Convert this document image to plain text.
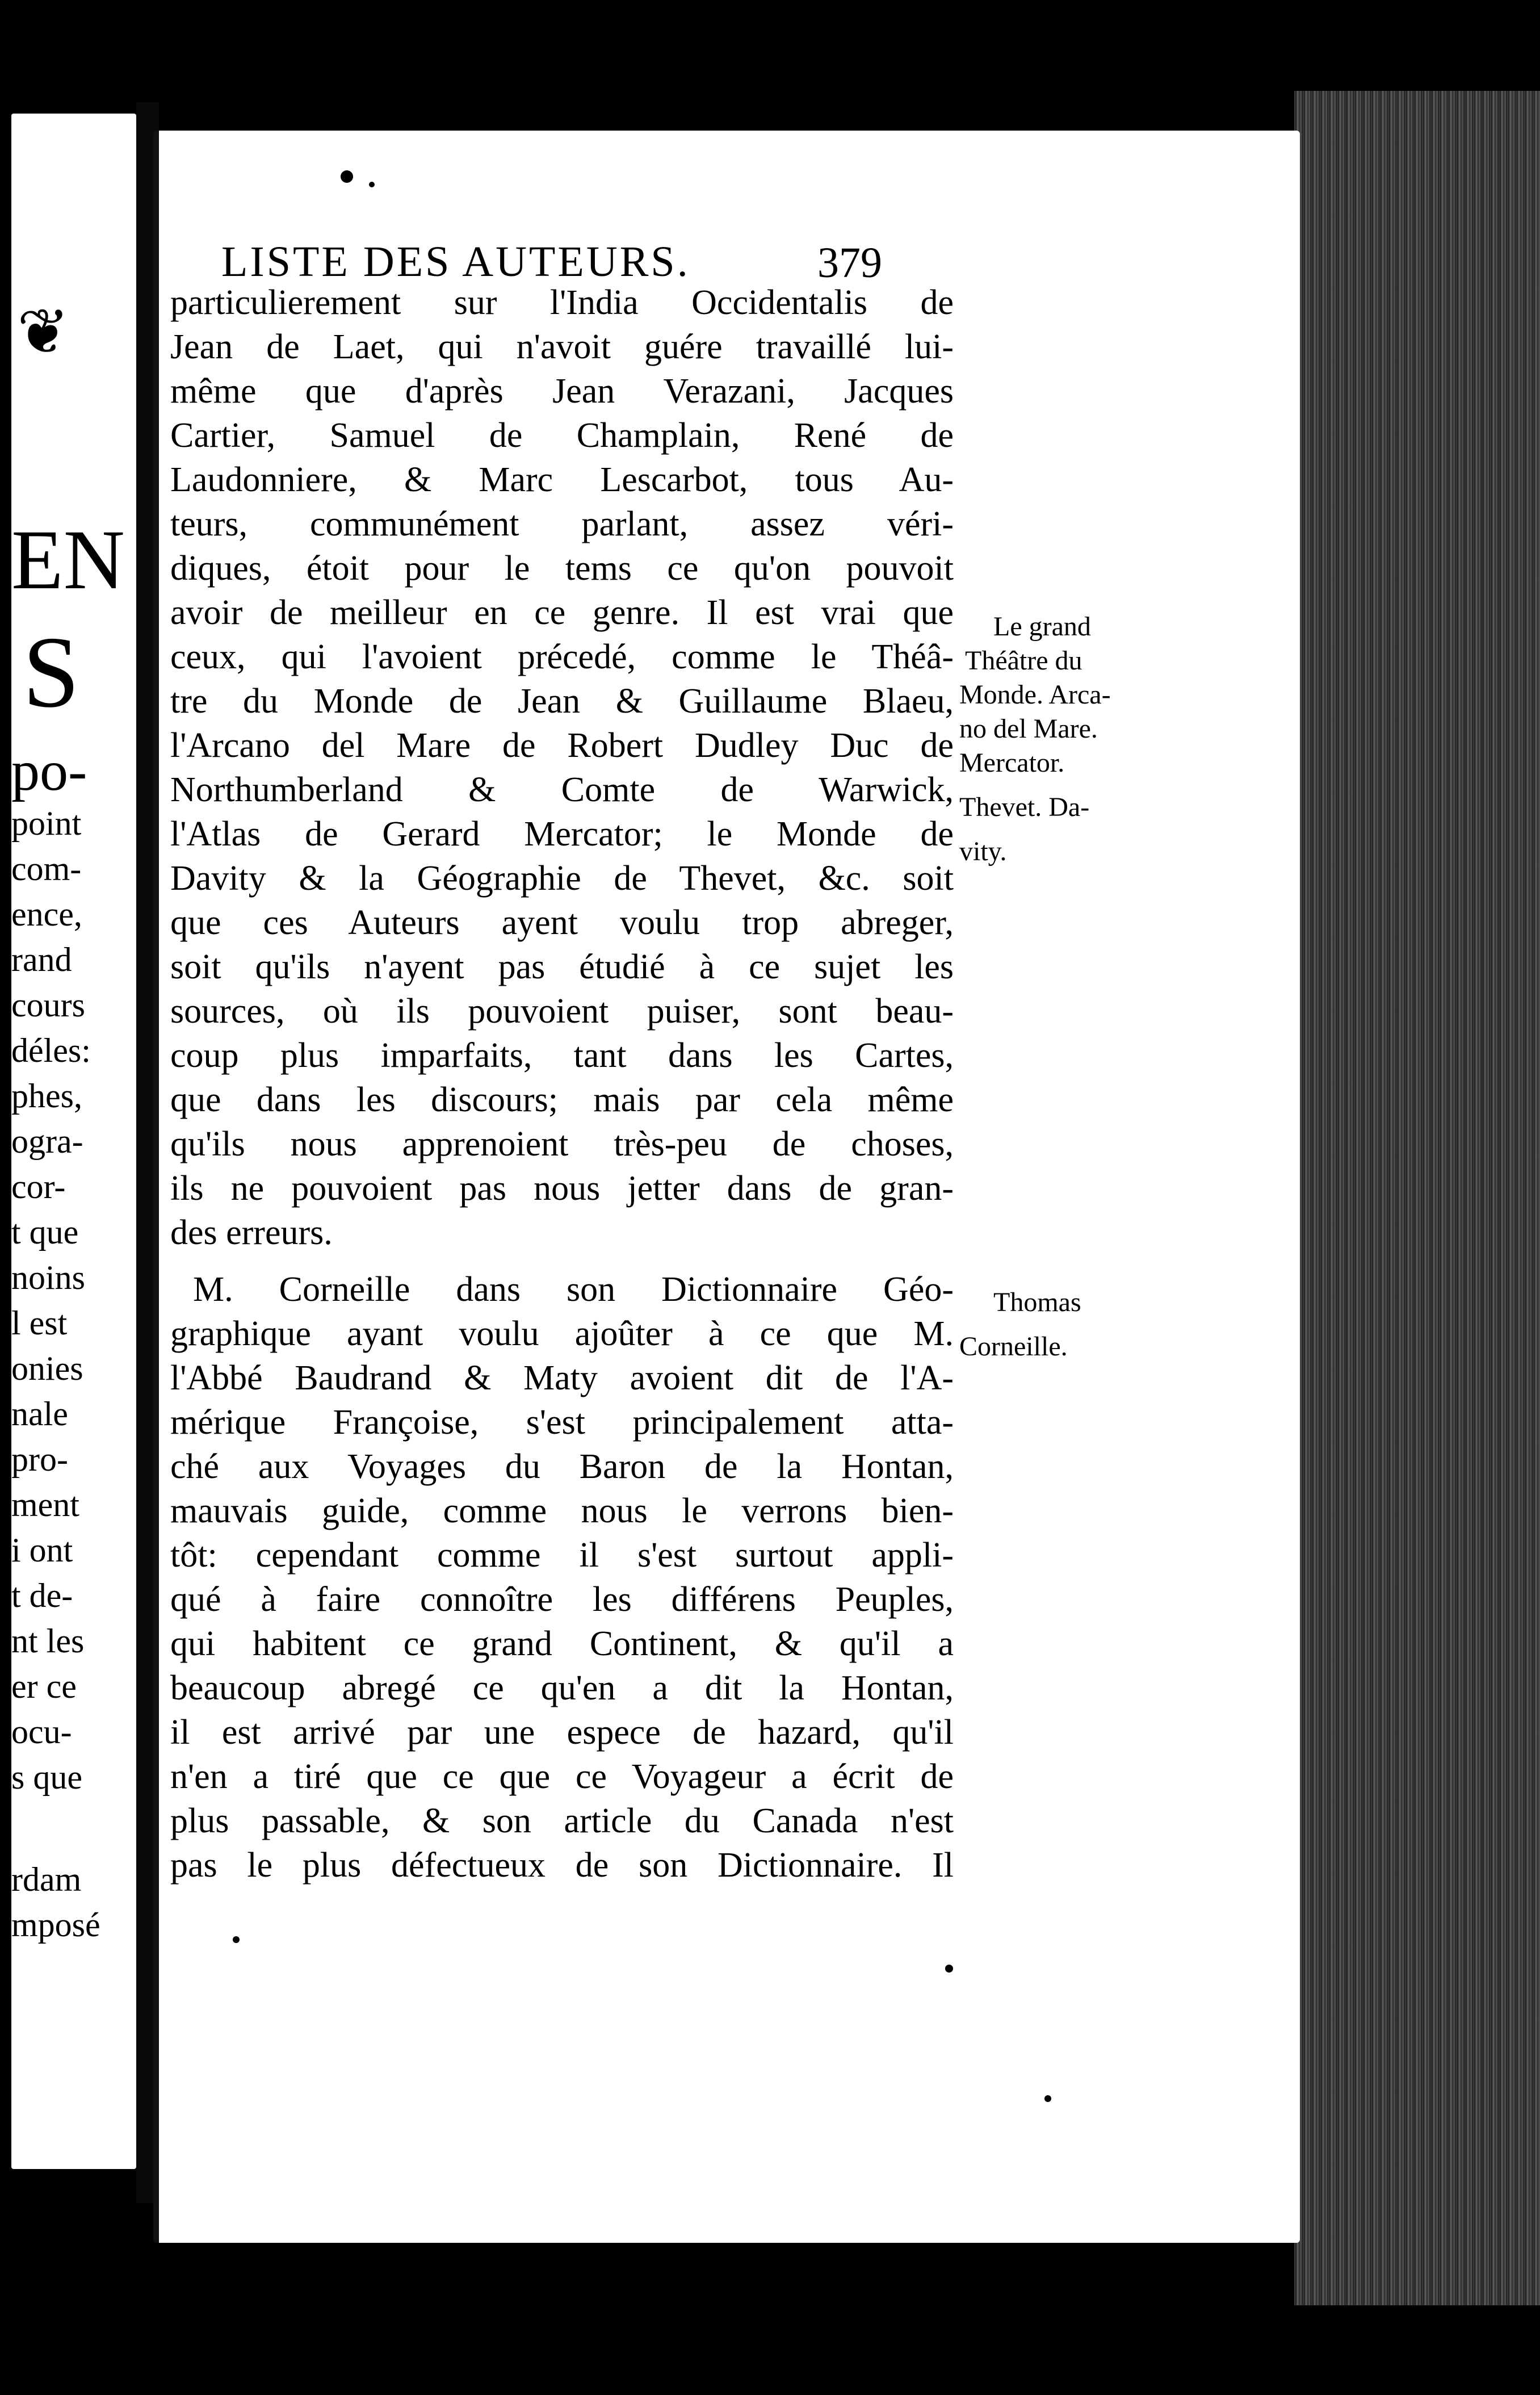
❦
EN
S
po-
point
com-
ence,
rand
cours
déles:
phes,
ogra-
cor-
t que
noins
l est
onies
nale
pro-
ment
i ont
t de-
nt les
er ce
ocu-
s que
rdam
mposé
LISTE DES AUTEURS.	379
particulierement sur l'India Occidentalis de
Jean de Laet, qui n'avoit guére travaillé lui-
même que d'après Jean Verazani, Jacques
Cartier, Samuel de Champlain, René de
Laudonniere, & Marc Lescarbot, tous Au-
teurs, communément parlant, assez véri-
diques, étoit pour le tems ce qu'on pouvoit
avoir de meilleur en ce genre. Il est vrai que
ceux, qui l'avoient précedé, comme le Théâ-
tre du Monde de Jean & Guillaume Blaeu,
l'Arcano del Mare de Robert Dudley Duc de
Northumberland & Comte de Warwick,
l'Atlas de Gerard Mercator; le Monde de
Davity & la Géographie de Thevet, &c. soit
que ces Auteurs ayent voulu trop abreger,
soit qu'ils n'ayent pas étudié à ce sujet les
sources, où ils pouvoient puiser, sont beau-
coup plus imparfaits, tant dans les Cartes,
que dans les discours; mais par cela même
qu'ils nous apprenoient très-peu de choses,
ils ne pouvoient pas nous jetter dans de gran-
des erreurs.
M. Corneille dans son Dictionnaire Géo-
graphique ayant voulu ajoûter à ce que M.
l'Abbé Baudrand & Maty avoient dit de l'A-
mérique Françoise, s'est principalement atta-
ché aux Voyages du Baron de la Hontan,
mauvais guide, comme nous le verrons bien-
tôt: cependant comme il s'est surtout appli-
qué à faire connoître les différens Peuples,
qui habitent ce grand Continent, & qu'il a
beaucoup abregé ce qu'en a dit la Hontan,
il est arrivé par une espece de hazard, qu'il
n'en a tiré que ce que ce Voyageur a écrit de
plus passable, & son article du Canada n'est
pas le plus défectueux de son Dictionnaire. Il
Le grand
Théâtre du
Monde. Arca-
no del Mare.
Mercator.
Thevet. Da-
vity.
Thomas
Corneille.
